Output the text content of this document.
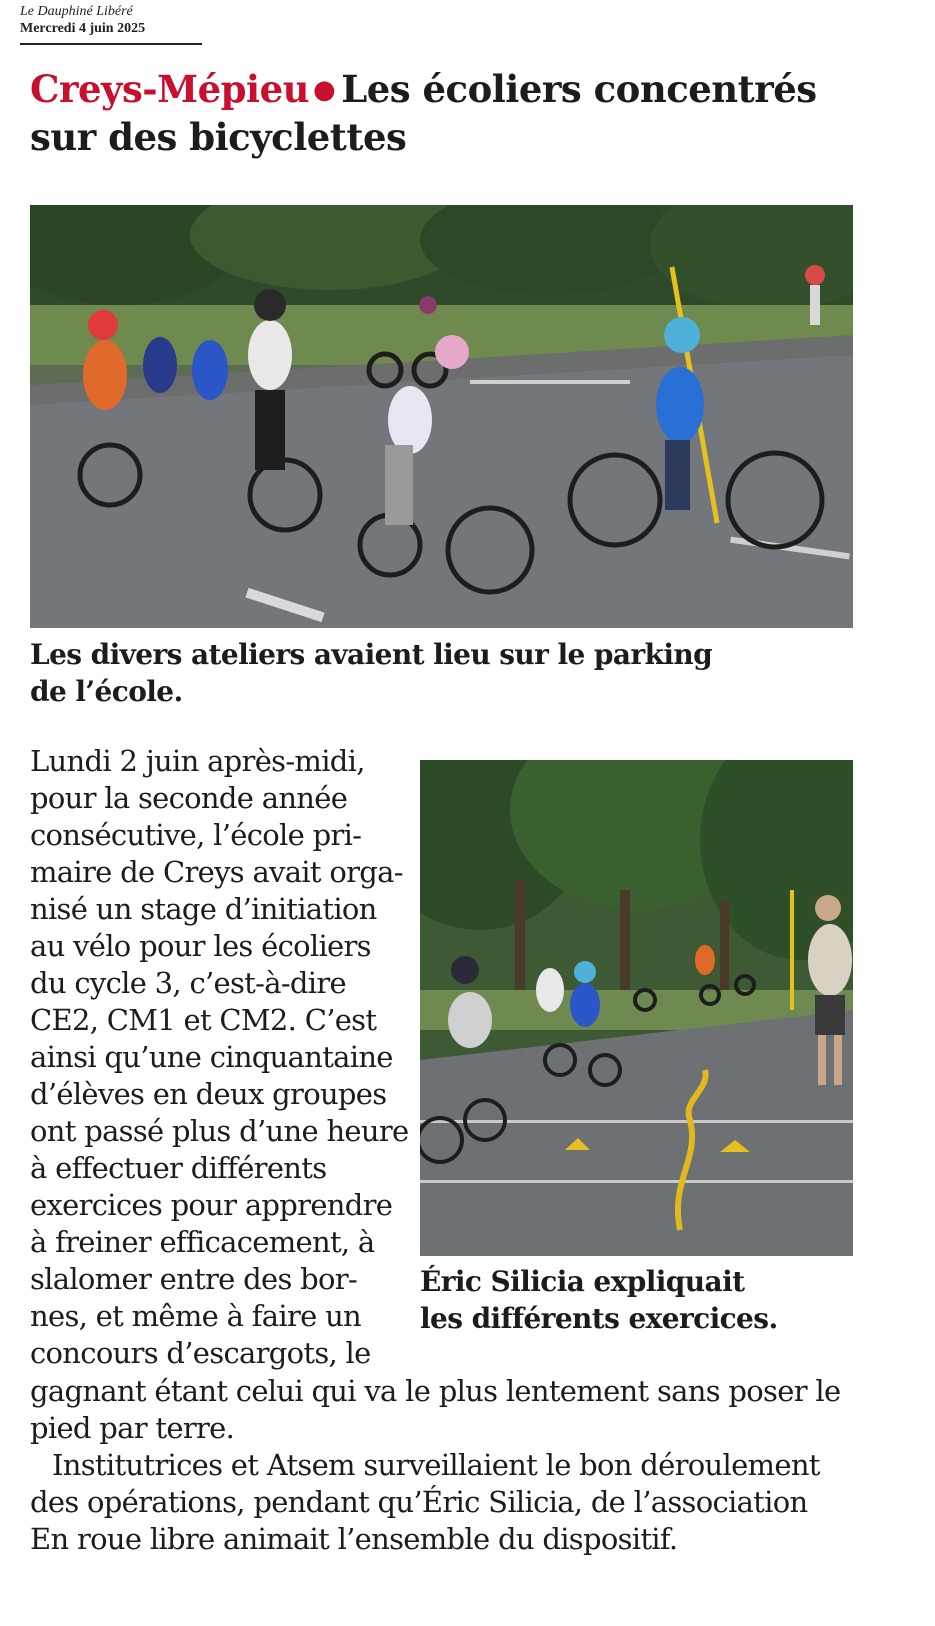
Le Dauphiné Libéré
Mercredi 4 juin 2025
Creys-Mépieu ● Les écoliers concentrés
sur des bicyclettes
Les divers ateliers avaient lieu sur le parking
de l’école.
Lundi 2 juin après-midi,
pour la seconde année
consécutive, l’école pri-
maire de Creys avait orga-
nisé un stage d’initiation
au vélo pour les écoliers
du cycle 3, c’est-à-dire
CE2, CM1 et CM2. C’est
ainsi qu’une cinquantaine
d’élèves en deux groupes
ont passé plus d’une heure
à effectuer différents
exercices pour apprendre
à freiner efficacement, à
slalomer entre des bor-
nes, et même à faire un
concours d’escargots, le
Éric Silicia expliquait
les différents exercices.
gagnant étant celui qui va le plus lentement sans poser le
pied par terre.
Institutrices et Atsem surveillaient le bon déroulement
des opérations, pendant qu’Éric Silicia, de l’association
En roue libre animait l’ensemble du dispositif.
